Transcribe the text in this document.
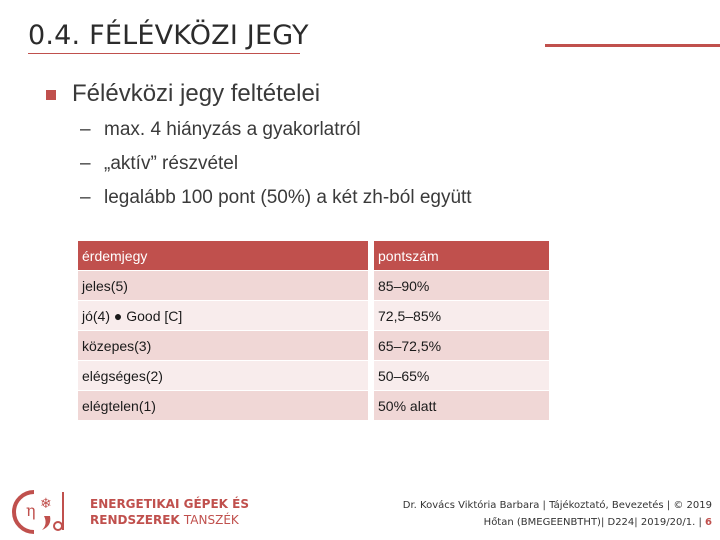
0.4. FÉLÉVKÖZI JEGY
Félévközi jegy feltételei
– max. 4 hiányzás a gyakorlatról
– „aktív” részvétel
– legalább 100 pont (50%) a két zh-ból együtt
érdemjegy	pontszám
jeles(5)	85–90%
jó(4) ● Good [C]	72,5–85%
közepes(3)	65–72,5%
elégséges(2)	50–65%
elégtelen(1)	50% alatt
η ❄	ENERGETIKAI GÉPEK ÉS
RENDSZEREK TANSZÉK
Dr. Kovács Viktória Barbara | Tájékoztató, Bevezetés | © 2019
Hőtan (BMEGEENBTHT)| D224| 2019/20/1. | 6
